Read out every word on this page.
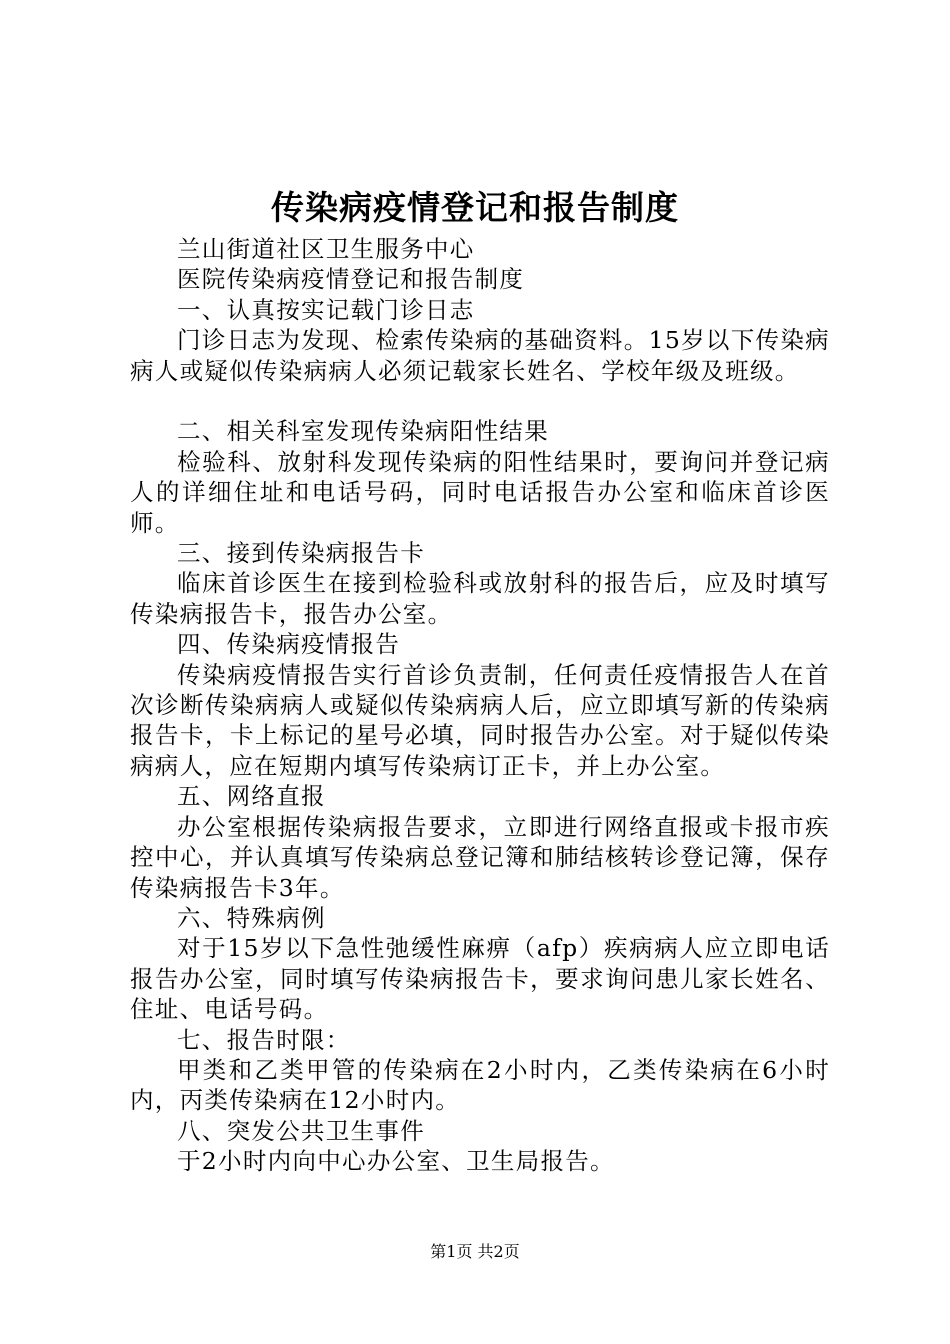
传染病疫情登记和报告制度

兰山街道社区卫生服务中心

医院传染病疫情登记和报告制度

一、认真按实记载门诊日志

门诊日志为发现、检索传染病的基础资料。15岁以下传染病病人或疑似传染病病人必须记载家长姓名、学校年级及班级。

二、相关科室发现传染病阳性结果

检验科、放射科发现传染病的阳性结果时，要询问并登记病人的详细住址和电话号码，同时电话报告办公室和临床首诊医师。

三、接到传染病报告卡

临床首诊医生在接到检验科或放射科的报告后，应及时填写传染病报告卡，报告办公室。

四、传染病疫情报告

传染病疫情报告实行首诊负责制，任何责任疫情报告人在首次诊断传染病病人或疑似传染病病人后，应立即填写新的传染病报告卡，卡上标记的星号必填，同时报告办公室。对于疑似传染病病人，应在短期内填写传染病订正卡，并上办公室。

五、网络直报

办公室根据传染病报告要求，立即进行网络直报或卡报市疾控中心，并认真填写传染病总登记簿和肺结核转诊登记簿，保存传染病报告卡3年。

六、特殊病例

对于15岁以下急性弛缓性麻痹（afp）疾病病人应立即电话报告办公室，同时填写传染病报告卡，要求询问患儿家长姓名、住址、电话号码。

七、报告时限：

甲类和乙类甲管的传染病在2小时内，乙类传染病在6小时内，丙类传染病在12小时内。

八、突发公共卫生事件

于2小时内向中心办公室、卫生局报告。

第1页 共2页
